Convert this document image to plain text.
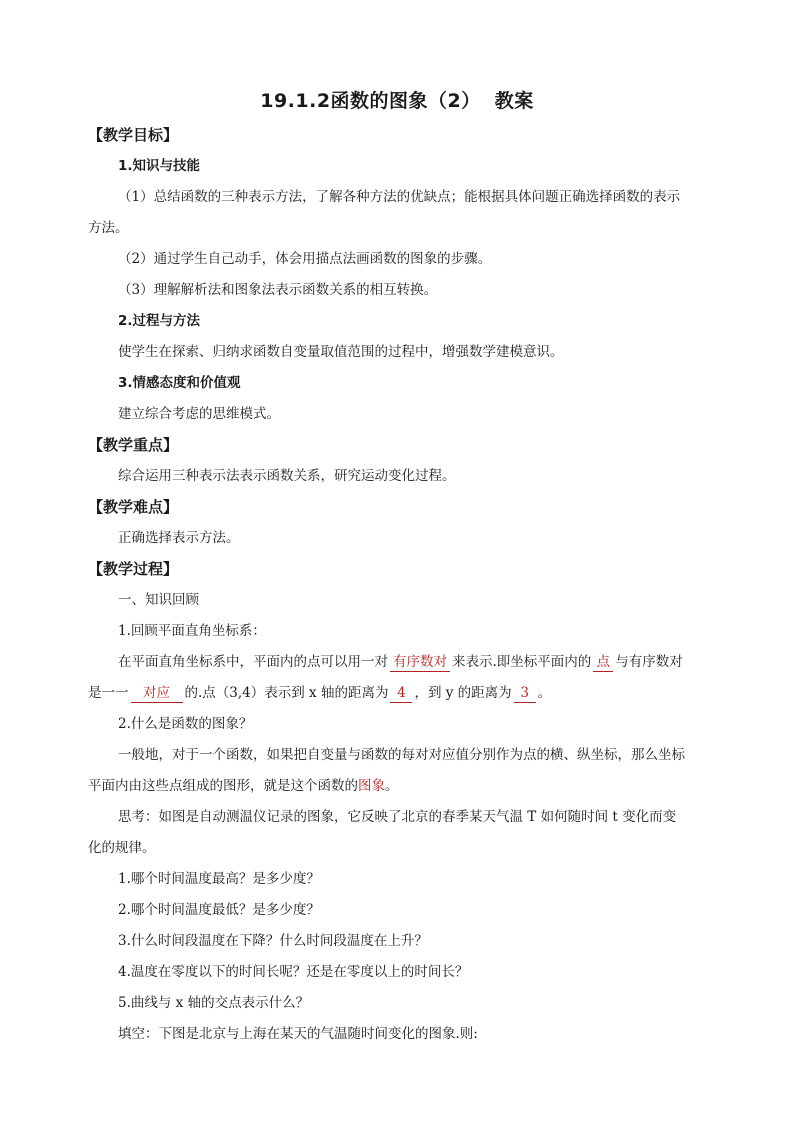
19.1.2函数的图象（2） 教案
【教学目标】
1.知识与技能
（1）总结函数的三种表示方法，了解各种方法的优缺点；能根据具体问题正确选择函数的表示
方法。
（2）通过学生自己动手，体会用描点法画函数的图象的步骤。
（3）理解解析法和图象法表示函数关系的相互转换。
2.过程与方法
使学生在探索、归纳求函数自变量取值范围的过程中，增强数学建模意识。
3.情感态度和价值观
建立综合考虑的思维模式。
【教学重点】
综合运用三种表示法表示函数关系，研究运动变化过程。
【教学难点】
正确选择表示方法。
【教学过程】
一、知识回顾
1.回顾平面直角坐标系：
在平面直角坐标系中，平面内的点可以用一对 有序数对 来表示.即坐标平面内的 点 与有序数对
是一一 对应 的.点（3,4）表示到 x 轴的距离为 4 ，到 y 的距离为 3 。
2.什么是函数的图象？
一般地，对于一个函数，如果把自变量与函数的每对对应值分别作为点的横、纵坐标，那么坐标
平面内由这些点组成的图形，就是这个函数的图象。
思考：如图是自动测温仪记录的图象，它反映了北京的春季某天气温 T 如何随时间 t 变化而变
化的规律。
1.哪个时间温度最高？是多少度？
2.哪个时间温度最低？是多少度？
3.什么时间段温度在下降？什么时间段温度在上升？
4.温度在零度以下的时间长呢？还是在零度以上的时间长？
5.曲线与 x 轴的交点表示什么？
填空：下图是北京与上海在某天的气温随时间变化的图象.则:
